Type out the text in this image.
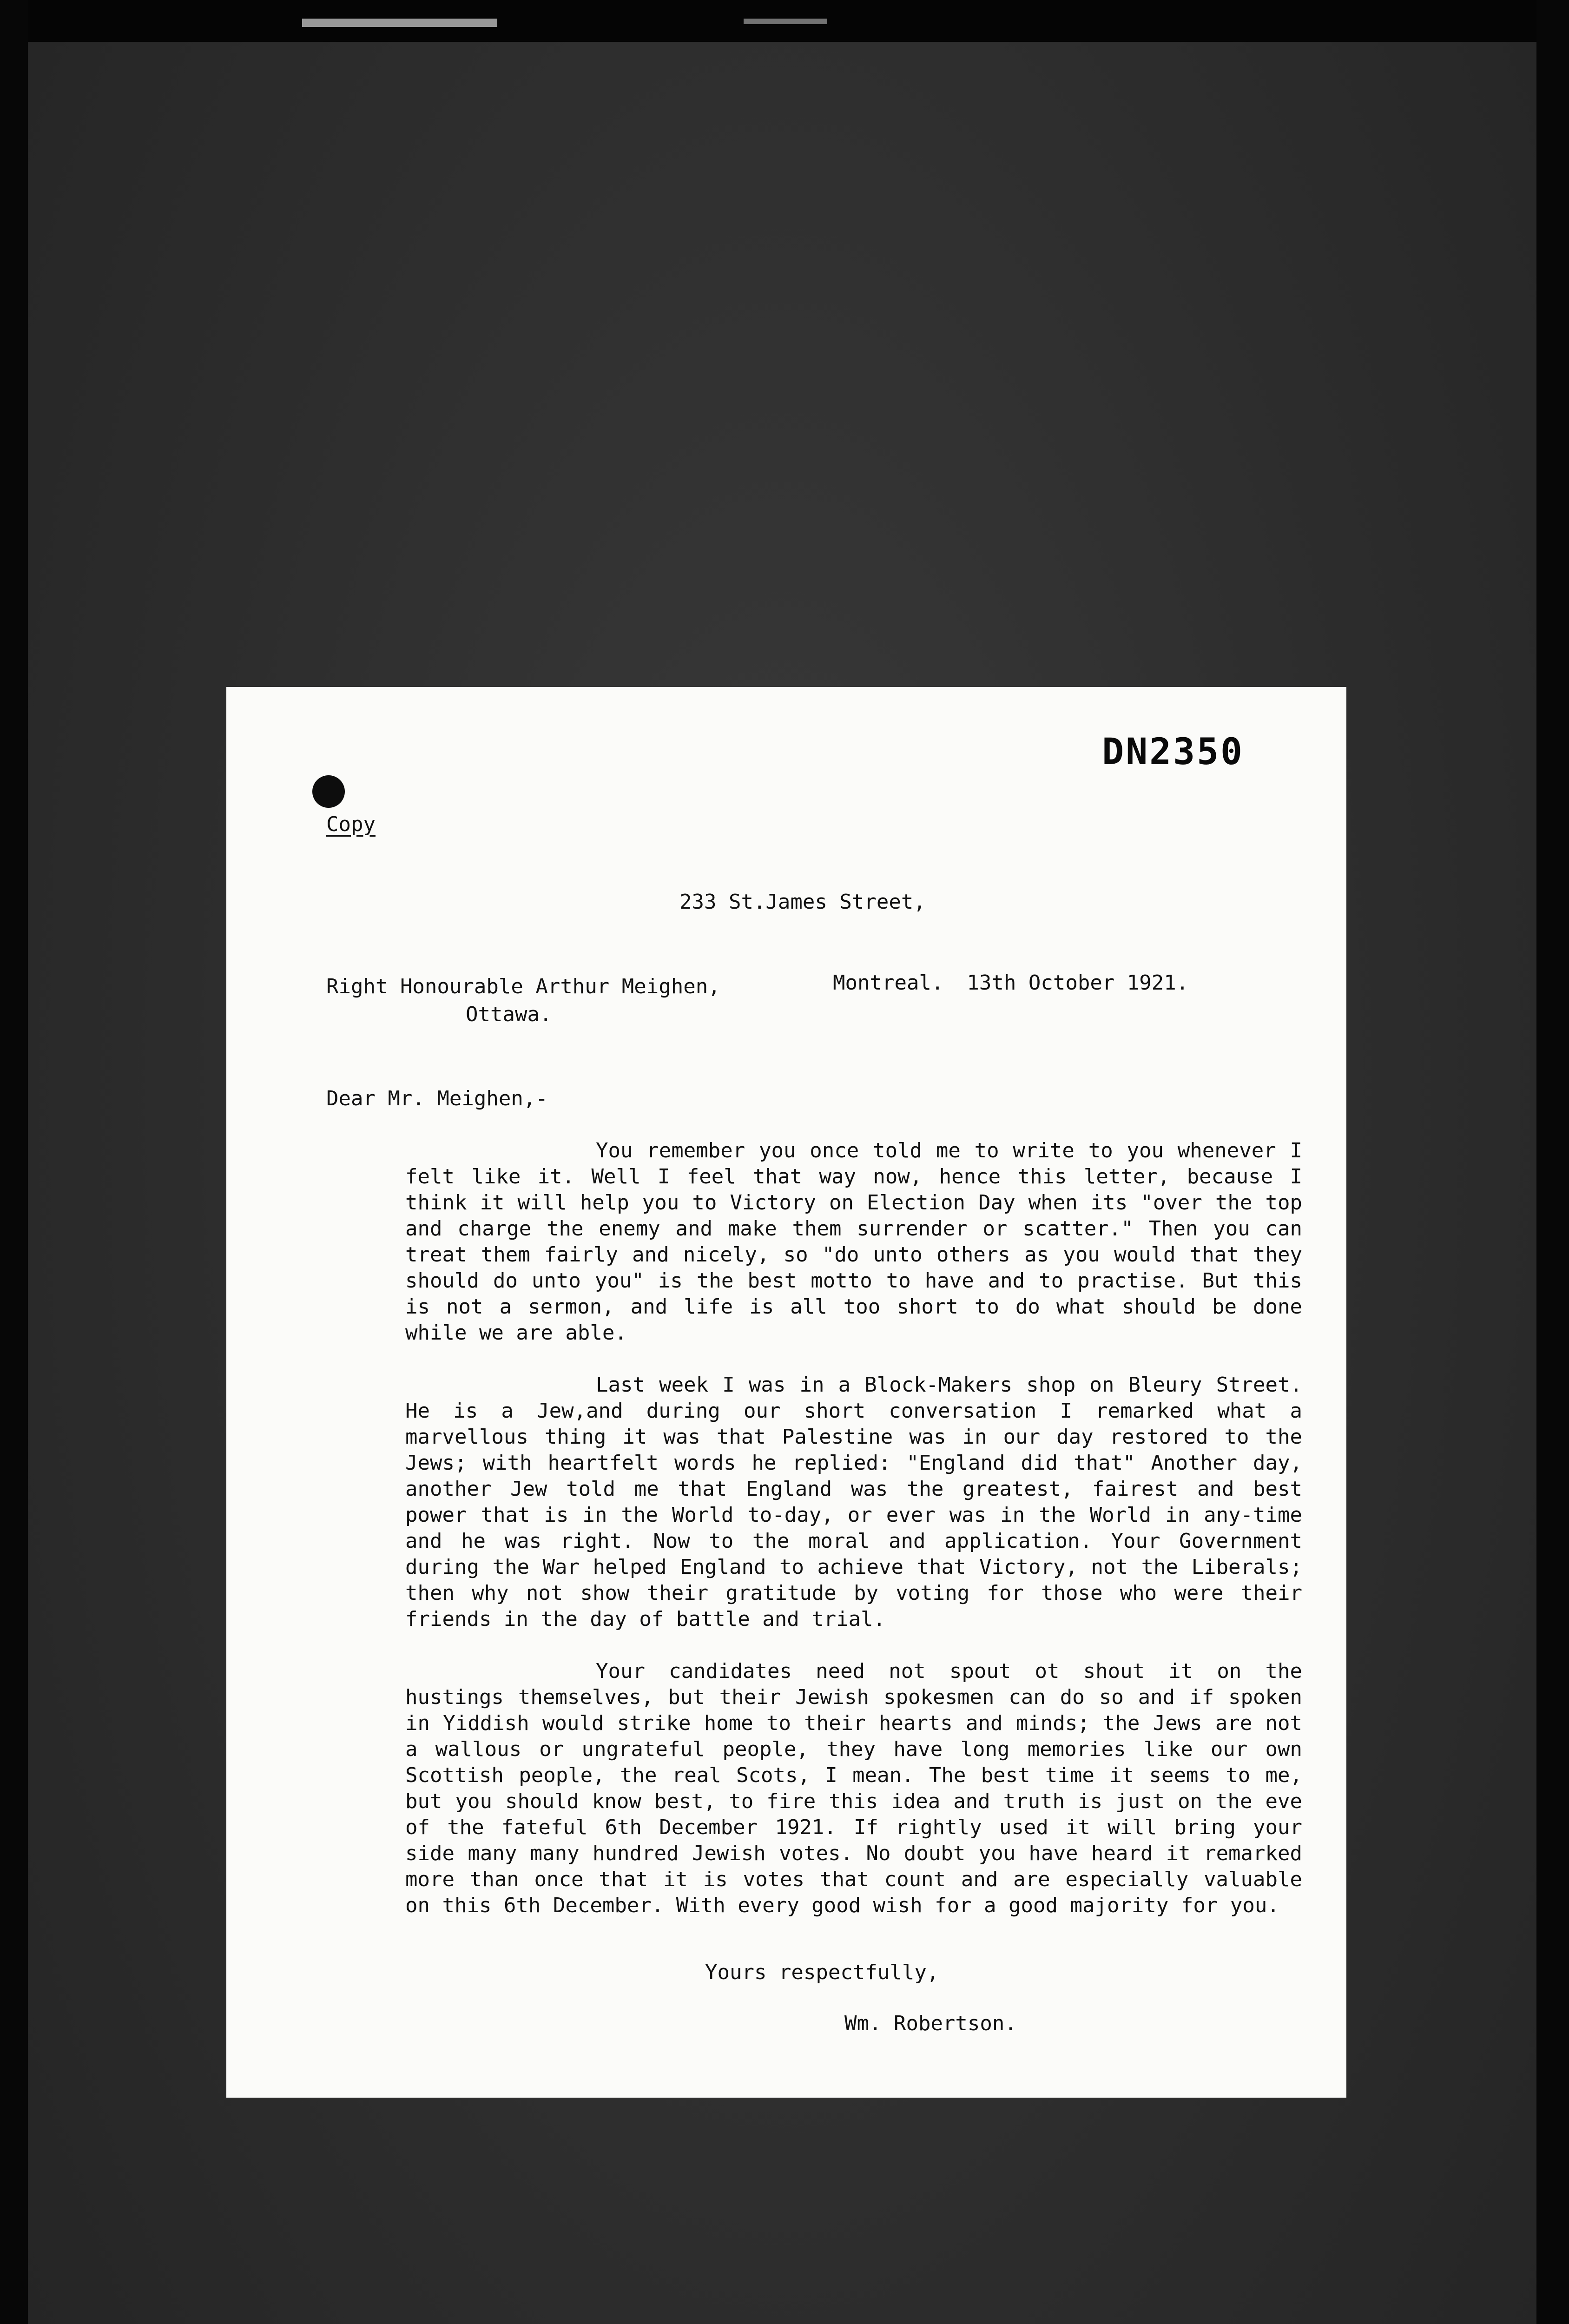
DN2350
Copy

233 St.James Street,

Montreal. 13th October 1921.

Right Honourable Arthur Meighen,
Ottawa.
Dear Mr. Meighen,-

You remember you once told me to write to you whenever I felt like it. Well I feel that way now, hence this letter, because I think it will help you to Victory on Election Day when its "over the top and charge the enemy and make them surrender or scatter." Then you can treat them fairly and nicely, so "do unto others as you would that they should do unto you" is the best motto to have and to practise. But this is not a sermon, and life is all too short to do what should be done while we are able.

Last week I was in a Block-Makers shop on Bleury Street. He is a Jew,and during our short conversation I remarked what a marvellous thing it was that Palestine was in our day restored to the Jews; with heartfelt words he replied: "England did that" Another day, another Jew told me that England was the greatest, fairest and best power that is in the World to-day, or ever was in the World in any-time and he was right. Now to the moral and application. Your Government during the War helped England to achieve that Victory, not the Liberals; then why not show their gratitude by voting for those who were their friends in the day of battle and trial.

Your candidates need not spout ot shout it on the hustings themselves, but their Jewish spokesmen can do so and if spoken in Yiddish would strike home to their hearts and minds; the Jews are not a wallous or ungrateful people, they have long memories like our own Scottish people, the real Scots, I mean. The best time it seems to me, but you should know best, to fire this idea and truth is just on the eve of the fateful 6th December 1921. If rightly used it will bring your side many many hundred Jewish votes. No doubt you have heard it remarked more than once that it is votes that count and are especially valuable on this 6th December. With every good wish for a good majority for you.

Yours respectfully,
Wm. Robertson.
